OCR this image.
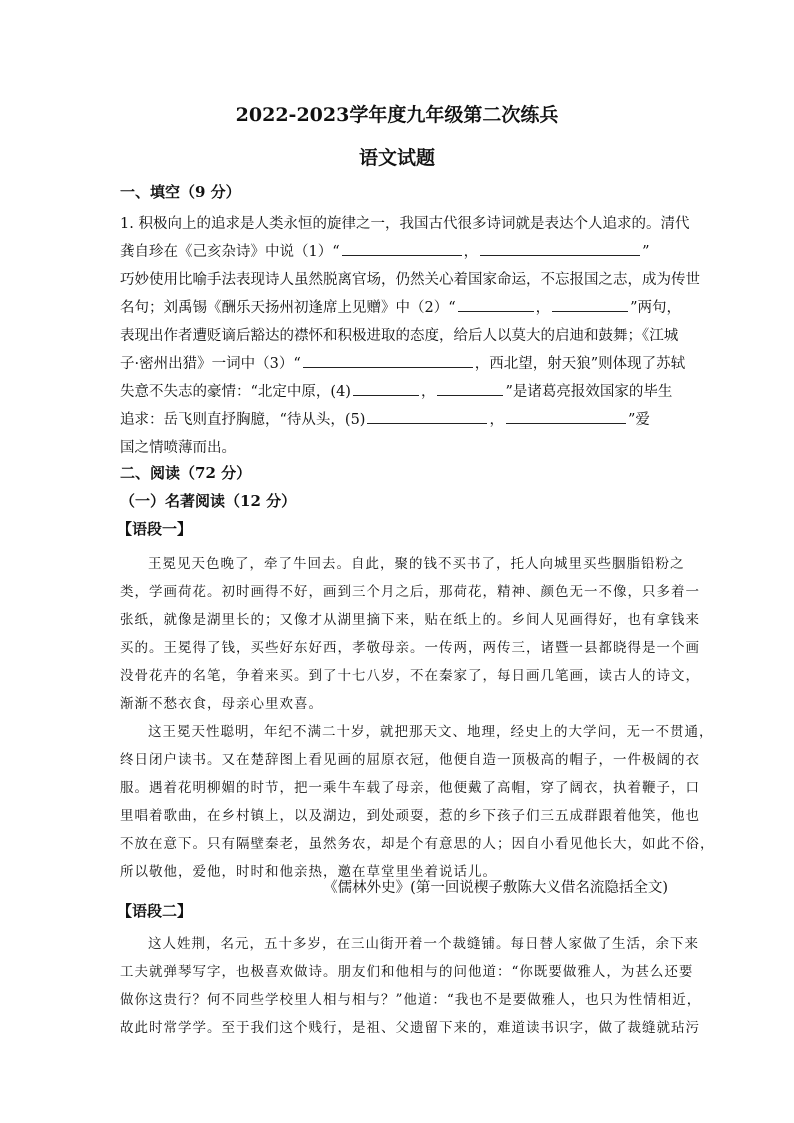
2022-2023学年度九年级第二次练兵
语文试题
一、填空（9 分）
1. 积极向上的追求是人类永恒的旋律之一，我国古代很多诗词就是表达个人追求的。清代
龚自珍在《己亥杂诗》中说（1）“	，	”
巧妙使用比喻手法表现诗人虽然脱离官场，仍然关心着国家命运，不忘报国之志，成为传世
名句；刘禹锡《酬乐天扬州初逢席上见赠》中（2）“	，	”两句，
表现出作者遭贬谪后豁达的襟怀和积极进取的态度，给后人以莫大的启迪和鼓舞；《江城
子·密州出猎》一词中（3）“	，西北望，射天狼”则体现了苏轼
失意不失志的豪情：“北定中原，(4)	，	”是诸葛亮报效国家的毕生
追求：岳飞则直抒胸臆，“待从头，(5)	，	”爱
国之情喷薄而出。
二、阅读（72 分）
（一）名著阅读（12 分）
【语段一】
王冕见天色晚了，牵了牛回去。自此，聚的钱不买书了，托人向城里买些胭脂铅粉之
类，学画荷花。初时画得不好，画到三个月之后，那荷花，精神、颜色无一不像，只多着一
张纸，就像是湖里长的；又像才从湖里摘下来，贴在纸上的。乡间人见画得好，也有拿钱来
买的。王冕得了钱，买些好东好西，孝敬母亲。一传两，两传三，诸暨一县都晓得是一个画
没骨花卉的名笔，争着来买。到了十七八岁，不在秦家了，每日画几笔画，读古人的诗文，
渐渐不愁衣食，母亲心里欢喜。
这王冕天性聪明，年纪不满二十岁，就把那天文、地理，经史上的大学问，无一不贯通，
终日闭户读书。又在楚辞图上看见画的屈原衣冠，他便自造一顶极高的帽子，一件极阔的衣
服。遇着花明柳媚的时节，把一乘牛车载了母亲，他便戴了高帽，穿了阔衣，执着鞭子，口
里唱着歌曲，在乡村镇上，以及湖边，到处顽耍，惹的乡下孩子们三五成群跟着他笑，他也
不放在意下。只有隔壁秦老，虽然务农，却是个有意思的人；因自小看见他长大，如此不俗，
所以敬他，爱他，时时和他亲热，邀在草堂里坐着说话儿。
《儒林外史》(第一回说楔子敷陈大义借名流隐括全文)
【语段二】
这人姓荆，名元，五十多岁，在三山街开着一个裁缝铺。每日替人家做了生活，余下来
工夫就弹琴写字，也极喜欢做诗。朋友们和他相与的问他道：“你既要做雅人，为甚么还要
做你这贵行？何不同些学校里人相与相与？”他道：“我也不是要做雅人，也只为性情相近，
故此时常学学。至于我们这个贱行，是祖、父遗留下来的，难道读书识字，做了裁缝就玷污
